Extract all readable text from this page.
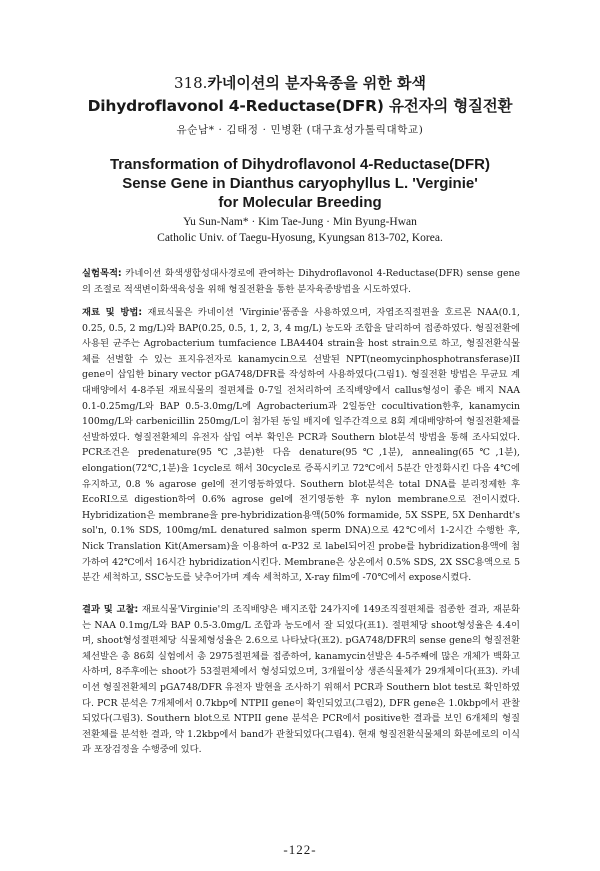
318.카네이션의 분자육종을 위한 화색
Dihydroflavonol 4-Reductase(DFR) 유전자의 형질전환

유순남* · 김태정 · 민병환 (대구효성가톨릭대학교)

Transformation of Dihydroflavonol 4-Reductase(DFR)
Sense Gene in Dianthus caryophyllus L. 'Verginie'
for Molecular Breeding

Yu Sun-Nam* · Kim Tae-Jung · Min Byung-Hwan
Catholic Univ. of Taegu-Hyosung, Kyungsan 813-702, Korea.

실험목적: 카네이션 화색생합성대사경로에 관여하는 Dihydroflavonol 4-Reductase(DFR) sense gene의 조절로 적색변이화색육성을 위해 형질전환을 통한 분자육종방법을 시도하였다.

재료 및 방법: 재료식물은 카네이션 'Virginie'품종을 사용하였으며, 자엽조직절편을 호르몬 NAA(0.1, 0.25, 0.5, 2 mg/L)와 BAP(0.25, 0.5, 1, 2, 3, 4 mg/L) 농도와 조합을 달리하여 접종하였다. 형질전환에 사용된 균주는 Agrobacterium tumfacience LBA4404 strain을 host strain으로 하고, 형질전환식물체를 선별할 수 있는 표지유전자로 kanamycin으로 선발된 NPT(neomycinphosphotransferase)II gene이 삽입한 binary vector pGA748/DFR를 작성하여 사용하였다(그림1). 형질전환 방법은 무균묘 계대배양에서 4-8주된 재료식물의 절편체를 0-7일 전처리하여 조직배양에서 callus형성이 좋은 배지 NAA 0.1-0.25mg/L와 BAP 0.5-3.0mg/L에 Agrobacterium과 2일동안 cocultivation한후, kanamycin 100mg/L와 carbenicillin 250mg/L이 첨가된 동일 배지에 일주간격으로 8회 계대배양하여 형질전환체를 선발하였다. 형질전환체의 유전자 삽입 여부 확인은 PCR과 Southern blot분석 방법을 통해 조사되었다. PCR조건은 predenature(95℃,3분)한 다음 denature(95℃,1분), annealing(65℃,1분), elongation(72℃,1분)을 1cycle로 해서 30cycle로 증폭시키고 72℃에서 5분간 안정화시킨 다음 4℃에 유지하고, 0.8 % agarose gel에 전기영동하였다. Southern blot분석은 total DNA를 분리정제한 후 EcoRI으로 digestion하여 0.6% agrose gel에 전기영동한 후 nylon membrane으로 전이시켰다. Hybridization은 membrane을 pre-hybridization용액(50% formamide, 5X SSPE, 5X Denhardt's sol'n, 0.1% SDS, 100mg/mL denatured salmon sperm DNA)으로 42℃에서 1-2시간 수행한 후, Nick Translation Kit(Amersam)을 이용하여 α-P32 로 label되어진 probe를 hybridization용액에 첨가하여 42℃에서 16시간 hybridization시킨다. Membrane은 상온에서 0.5% SDS, 2X SSC용액으로 5분간 세척하고, SSC농도를 낮추어가며 계속 세척하고, X-ray film에 -70℃에서 expose시켰다.

결과 및 고찰: 재료식물'Virginie'의 조직배양은 배지조합 24가지에 149조직절편체를 접종한 결과, 재분화는 NAA 0.1mg/L와 BAP 0.5-3.0mg/L 조합과 농도에서 잘 되었다(표1). 절편체당 shoot형성율은 4.4이며, shoot형성절편체당 식물체형성율은 2.6으로 나타났다(표2). pGA748/DFR의 sense gene의 형질전환체선발은 총 86회 실험에서 총 2975절편체를 접종하여, kanamycin선발은 4-5주째에 많은 개체가 백화고사하며, 8주후에는 shoot가 53절편체에서 형성되었으며, 3개월이상 생존식물체가 29개체이다(표3). 카네이션 형질전환체의 pGA748/DFR 유전자 발현을 조사하기 위해서 PCR과 Southern blot test로 확인하였다. PCR 분석은 7개체에서 0.7kbp에 NTPII gene이 확인되었고(그림2), DFR gene은 1.0kbp에서 관찰되었다(그림3). Southern blot으로 NTPII gene 분석은 PCR에서 positive한 결과를 보인 6개체의 형질전환체를 분석한 결과, 약 1.2kbp에서 band가 관찰되었다(그림4). 현재 형질전환식물체의 화분에로의 이식과 포장검정을 수행중에 있다.

-122-
